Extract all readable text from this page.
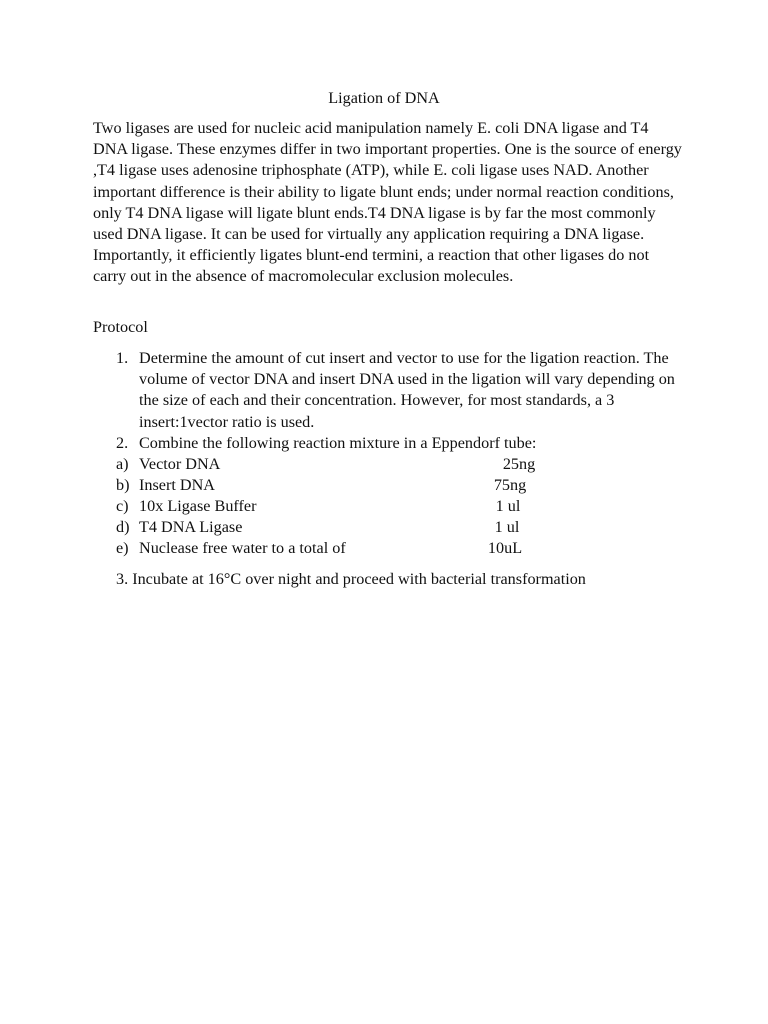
Ligation of DNA

Two ligases are used for nucleic acid manipulation namely E. coli DNA ligase and T4 DNA ligase. These enzymes differ in two important properties. One is the source of energy ,T4 ligase uses adenosine triphosphate (ATP), while E. coli ligase uses NAD. Another important difference is their ability to ligate blunt ends; under normal reaction conditions, only T4 DNA ligase will ligate blunt ends.T4 DNA ligase is by far the most commonly used DNA ligase. It can be used for virtually any application requiring a DNA ligase. Importantly, it efficiently ligates blunt-end termini, a reaction that other ligases do not carry out in the absence of macromolecular exclusion molecules.

Protocol
1. Determine the amount of cut insert and vector to use for the ligation reaction. The volume of vector DNA and insert DNA used in the ligation will vary depending on the size of each and their concentration. However, for most standards, a 3 insert:1vector ratio is used.
2. Combine the following reaction mixture in a Eppendorf tube:
a) Vector DNA	25ng
b) Insert DNA	75ng
c) 10x Ligase Buffer	1 ul
d) T4 DNA Ligase	1 ul
e) Nuclease free water to a total of	10uL
3. Incubate at 16°C over night and proceed with bacterial transformation
